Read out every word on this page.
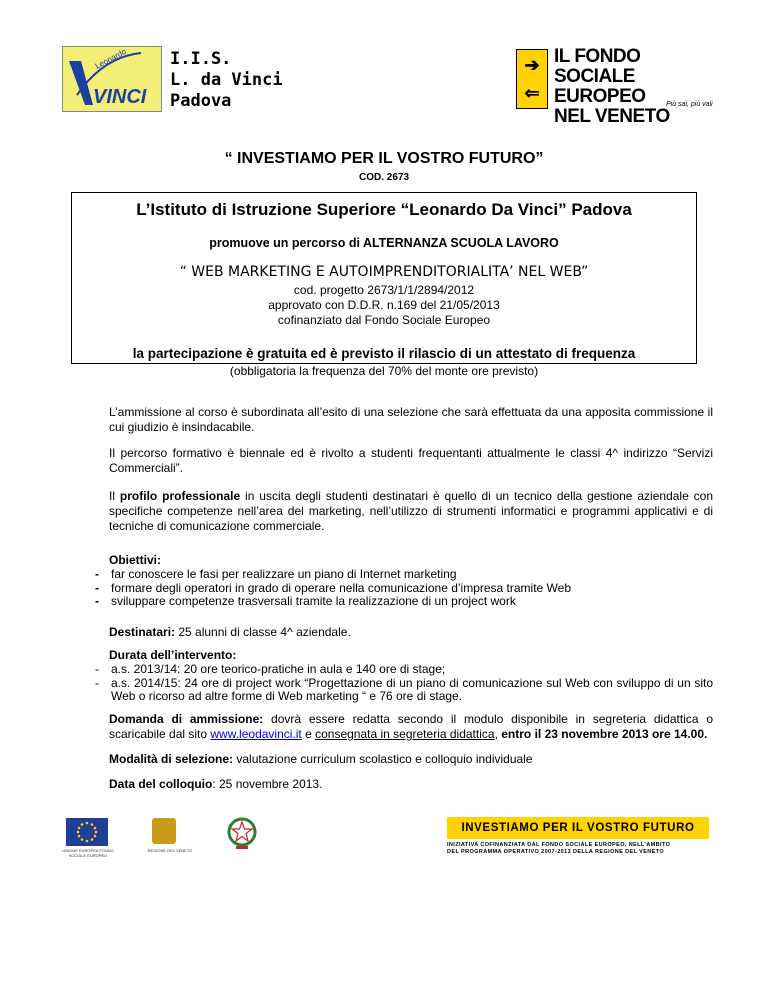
Leonardo
VINCI
I.I.S.
L. da Vinci
Padova
➔
⇐
IL FONDO
SOCIALE EUROPEO
NEL VENETO
Più sai, più vali
“ INVESTIAMO PER IL VOSTRO FUTURO”
COD. 2673
L’Istituto di Istruzione Superiore “Leonardo Da Vinci” Padova
promuove un percorso di ALTERNANZA SCUOLA LAVORO
“ WEB MARKETING E AUTOIMPRENDITORIALITA’ NEL WEB”
cod. progetto 2673/1/1/2894/2012
approvato con D.D.R. n.169 del 21/05/2013
cofinanziato dal Fondo Sociale Europeo
la partecipazione è gratuita ed è previsto il rilascio di un attestato di frequenza
(obbligatoria la frequenza del 70% del monte ore previsto)
L’ammissione al corso è subordinata all’esito di una selezione che sarà effettuata da una apposita commissione il cui giudizio è insindacabile.
Il percorso formativo è biennale ed è rivolto a studenti frequentanti attualmente le classi 4^ indirizzo “Servizi Commerciali”.
Il profilo professionale in uscita degli studenti destinatari è quello di un tecnico della gestione aziendale con specifiche competenze nell’area del marketing, nell’utilizzo di strumenti informatici e programmi applicativi e di tecniche di comunicazione commerciale.
Obiettivi:
-	far conoscere le fasi per realizzare un piano di Internet marketing
-	formare degli operatori in grado di operare nella comunicazione d’impresa tramite Web
-	sviluppare competenze trasversali tramite la realizzazione di un project work
Destinatari: 25 alunni di classe 4^ aziendale.
Durata dell’intervento:
-	a.s. 2013/14: 20 ore teorico-pratiche in aula e 140 ore di stage;
-	a.s. 2014/15: 24 ore di project work “Progettazione di un piano di comunicazione sul Web con sviluppo di un sito Web o ricorso ad altre forme di Web marketing “ e 76 ore di stage.
Domanda di ammissione: dovrà essere redatta secondo il modulo disponibile in segreteria didattica o scaricabile dal sito www.leodavinci.it e consegnata in segreteria didattica, entro il 23 novembre 2013 ore 14.00.
Modalità di selezione: valutazione curriculum scolastico e colloquio individuale
Data del colloquio: 25 novembre 2013.
UNIONE EUROPEA FONDO SOCIALE EUROPEO
REGIONE DEL VENETO
INVESTIAMO PER IL VOSTRO FUTURO
INIZIATIVA COFINANZIATA DAL FONDO SOCIALE EUROPEO, NELL’AMBITO
DEL PROGRAMMA OPERATIVO 2007-2013 DELLA REGIONE DEL VENETO
